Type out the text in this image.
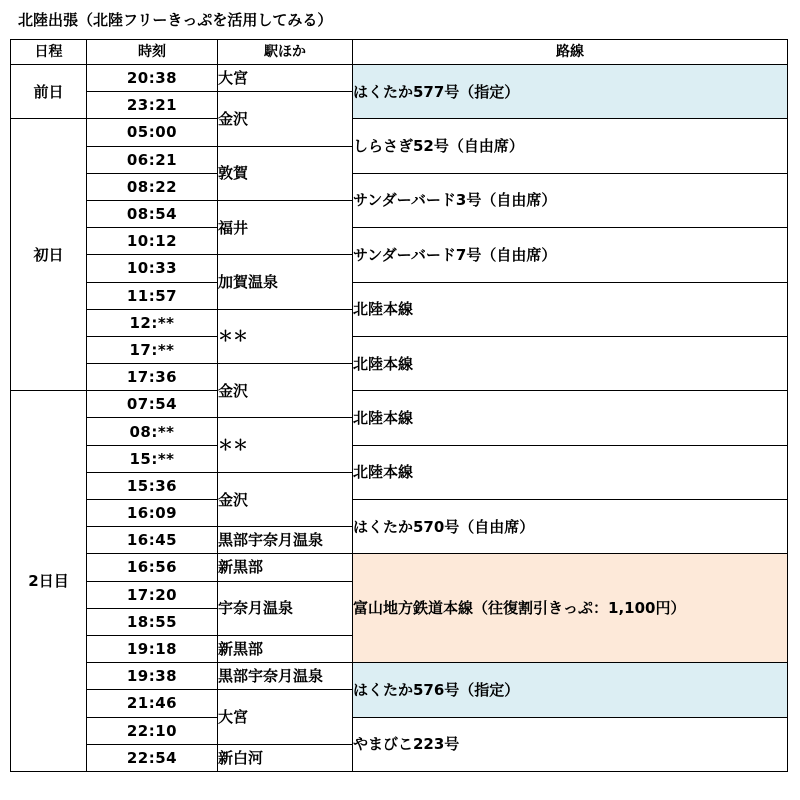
北陸出張（北陸フリーきっぷを活用してみる）
日程	時刻	駅ほか	路線
前日	20:38	大宮	はくたか577号（指定）
	23:21	金沢	
初日	05:00		しらさぎ52号（自由席）
	06:21	敦賀	
	08:22		サンダーバード3号（自由席）
	08:54	福井	
	10:12		サンダーバード7号（自由席）
	10:33	加賀温泉	
	11:57		北陸本線
	12:**	＊＊	
	17:**		北陸本線
	17:36	金沢	
2日目	07:54		北陸本線
	08:**	＊＊	
	15:**		北陸本線
	15:36	金沢	
	16:09		はくたか570号（自由席）
	16:45	黒部宇奈月温泉	
	16:56	新黒部	富山地方鉄道本線（往復割引きっぷ：1,100円）
	17:20	宇奈月温泉	
	18:55		
	19:18	新黒部	
	19:38	黒部宇奈月温泉	はくたか576号（指定）
	21:46	大宮	
	22:10		やまびこ223号
	22:54	新白河	
